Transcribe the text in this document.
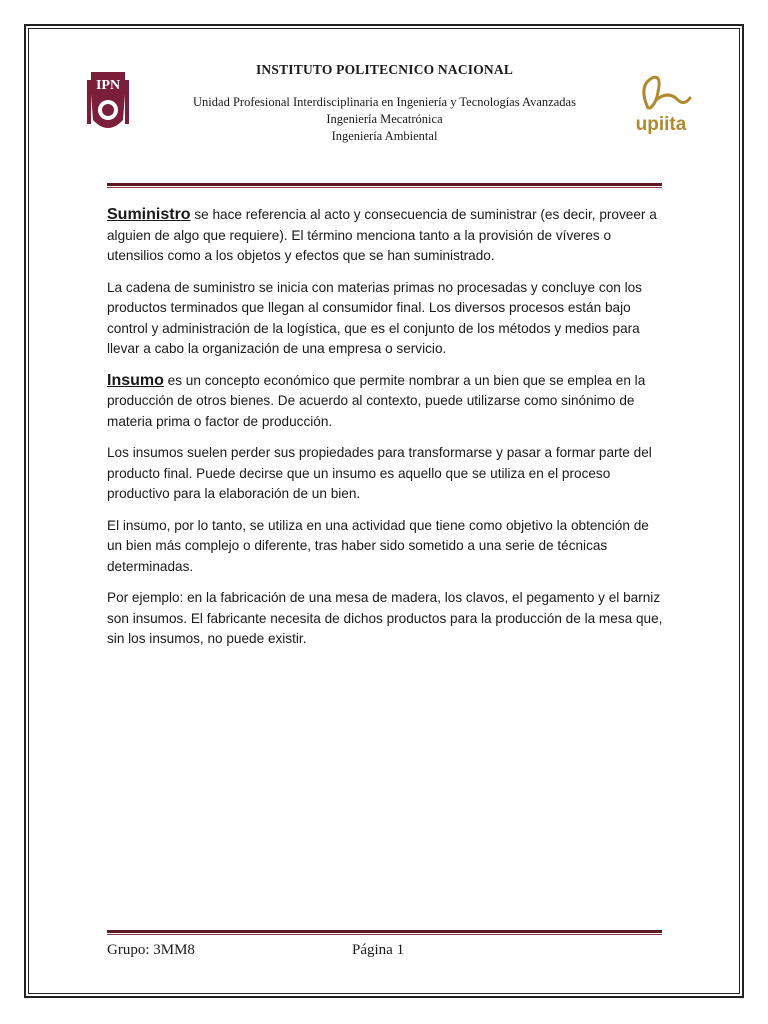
IPN
INSTITUTO POLITECNICO NACIONAL
Unidad Profesional Interdisciplinaria en Ingeniería y Tecnologías Avanzadas
Ingeniería Mecatrónica
Ingeniería Ambiental
upiita

Suministro se hace referencia al acto y consecuencia de suministrar (es decir, proveer a alguien de algo que requiere). El término menciona tanto a la provisión de víveres o utensilios como a los objetos y efectos que se han suministrado.

La cadena de suministro se inicia con materias primas no procesadas y concluye con los productos terminados que llegan al consumidor final. Los diversos procesos están bajo control y administración de la logística, que es el conjunto de los métodos y medios para llevar a cabo la organización de una empresa o servicio.

Insumo es un concepto económico que permite nombrar a un bien que se emplea en la producción de otros bienes. De acuerdo al contexto, puede utilizarse como sinónimo de materia prima o factor de producción.

Los insumos suelen perder sus propiedades para transformarse y pasar a formar parte del producto final. Puede decirse que un insumo es aquello que se utiliza en el proceso productivo para la elaboración de un bien.

El insumo, por lo tanto, se utiliza en una actividad que tiene como objetivo la obtención de un bien más complejo o diferente, tras haber sido sometido a una serie de técnicas determinadas.

Por ejemplo: en la fabricación de una mesa de madera, los clavos, el pegamento y el barniz son insumos. El fabricante necesita de dichos productos para la producción de la mesa que, sin los insumos, no puede existir.

Grupo: 3MM8	Página 1
